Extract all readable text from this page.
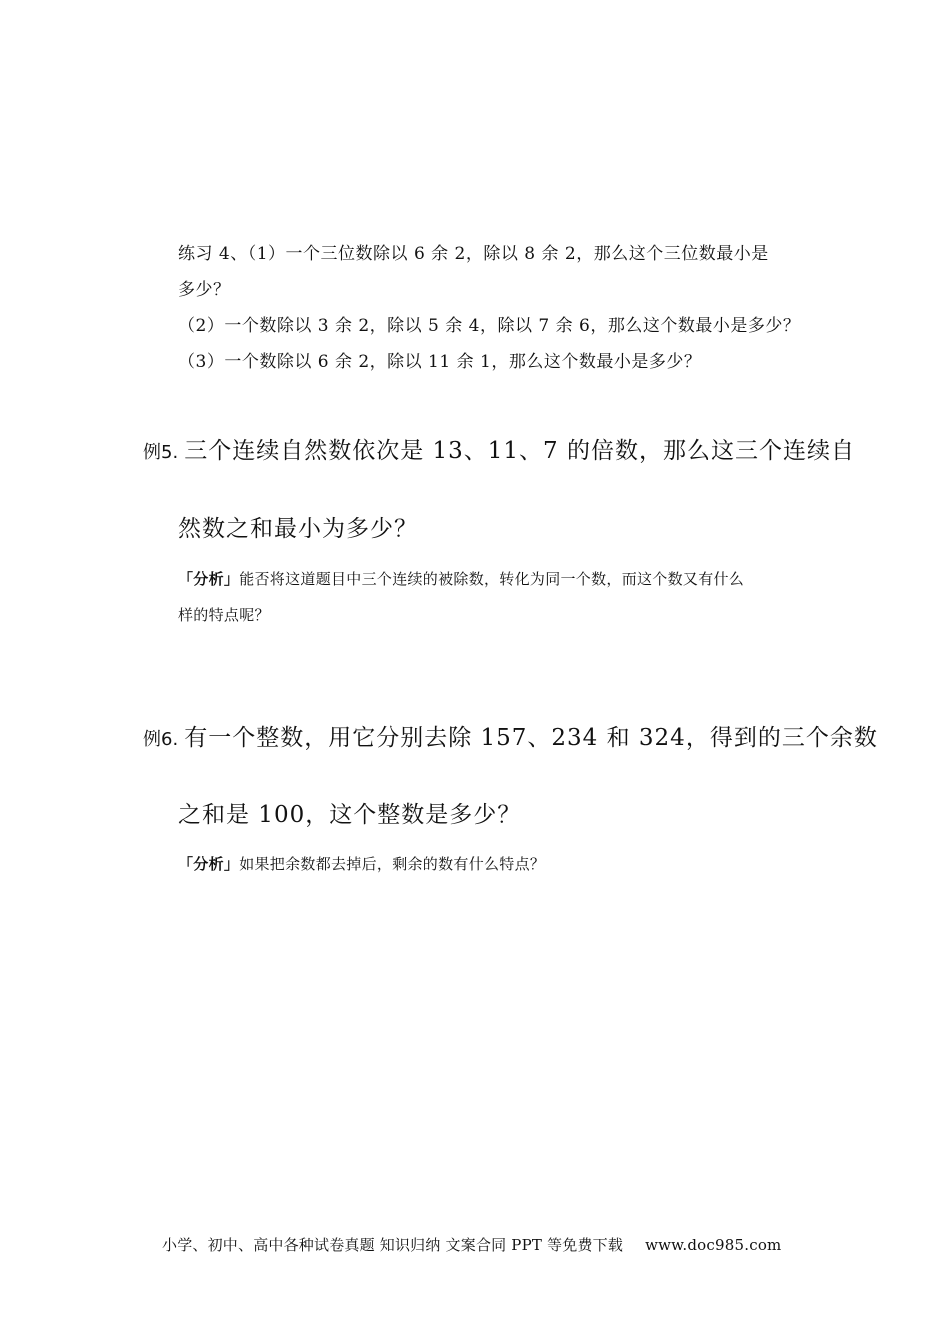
练习 4、（1）一个三位数除以 6 余 2，除以 8 余 2，那么这个三位数最小是

多少？

（2）一个数除以 3 余 2，除以 5 余 4，除以 7 余 6，那么这个数最小是多少？

（3）一个数除以 6 余 2，除以 11 余 1，那么这个数最小是多少？

例5. 三个连续自然数依次是 13、11、7 的倍数，那么这三个连续自

然数之和最小为多少？

「分析」能否将这道题目中三个连续的被除数，转化为同一个数，而这个数又有什么

样的特点呢？

例6. 有一个整数，用它分别去除 157、234 和 324，得到的三个余数

之和是 100，这个整数是多少？

「分析」如果把余数都去掉后，剩余的数有什么特点？

小学、初中、高中各种试卷真题 知识归纳 文案合同 PPT 等免费下载 www.doc985.com
